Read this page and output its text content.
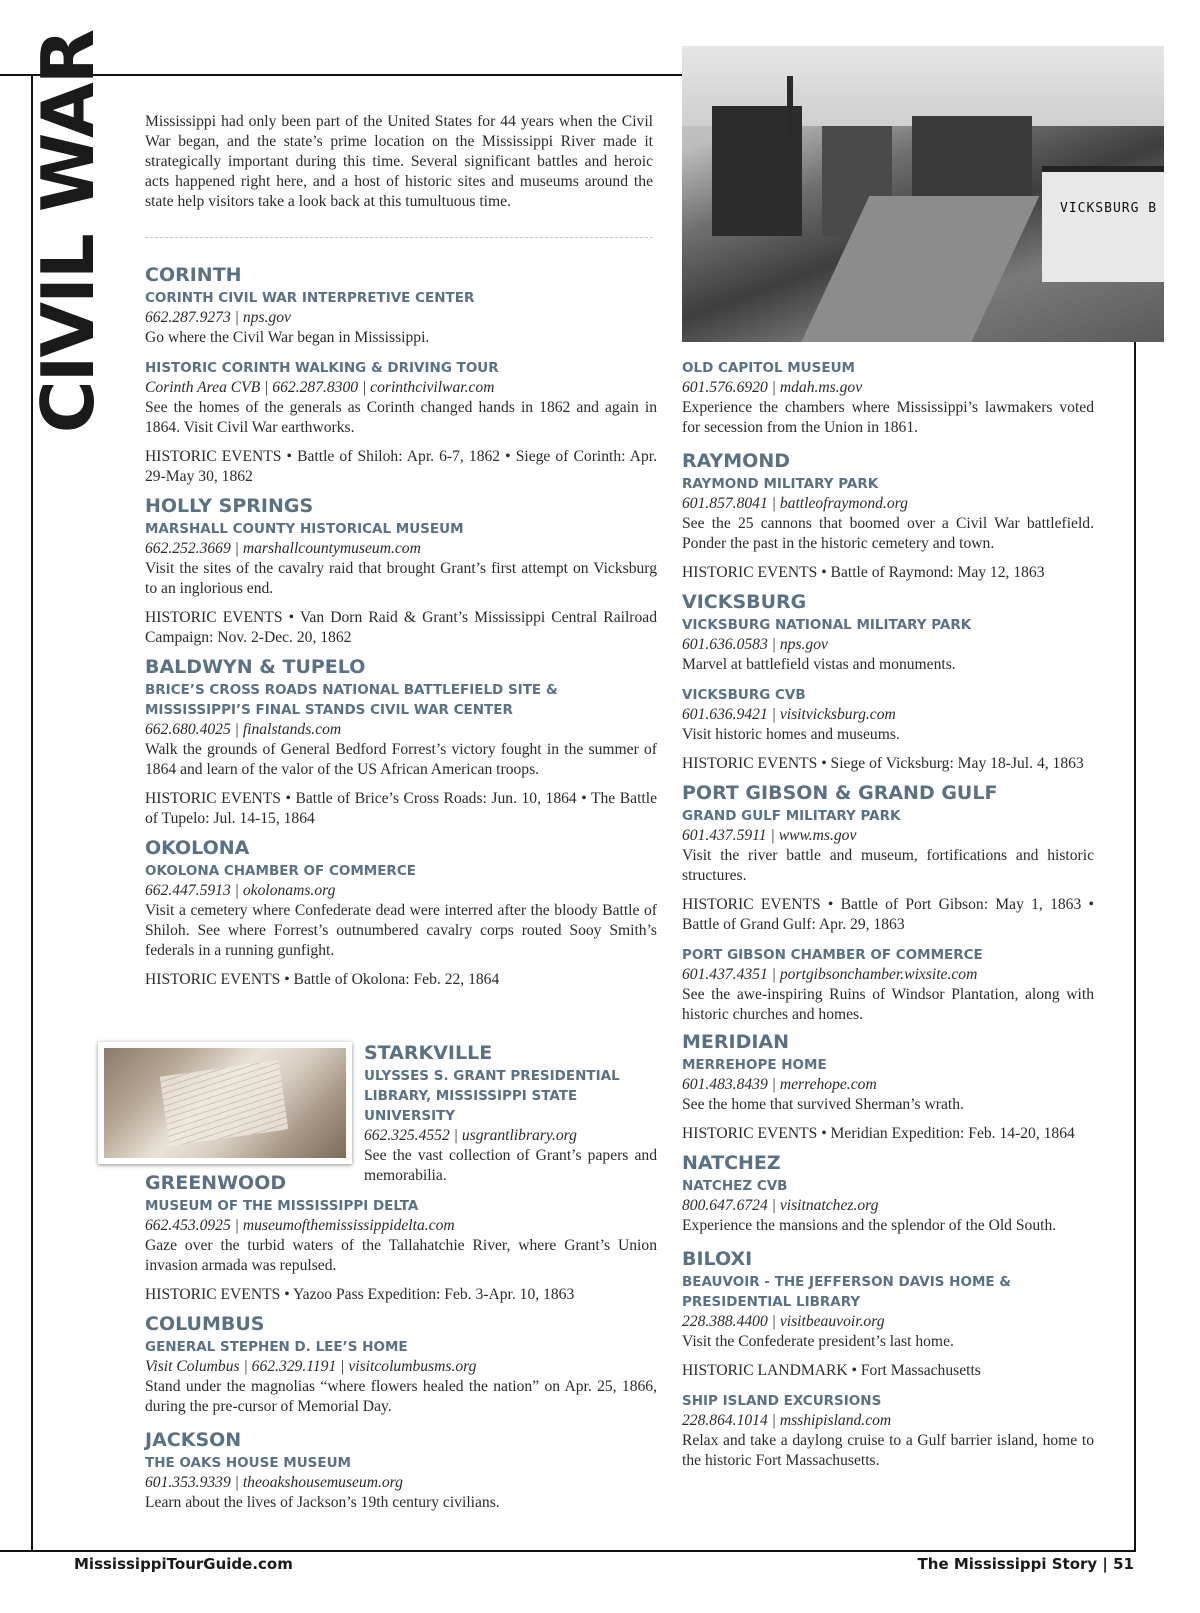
CIVIL WAR	VICKSBURG B
Mississippi had only been part of the United States for 44 years when the Civil War began, and the state’s prime location on the Mississippi River made it strategically important during this time. Several significant battles and heroic acts happened right here, and a host of historic sites and museums around the state help visitors take a look back at this tumultuous time.
CORINTH
CORINTH CIVIL WAR INTERPRETIVE CENTER
662.287.9273 | nps.gov
Go where the Civil War began in Mississippi.
HISTORIC CORINTH WALKING & DRIVING TOUR
Corinth Area CVB | 662.287.8300 | corinthcivilwar.com
See the homes of the generals as Corinth changed hands in 1862 and again in 1864. Visit Civil War earthworks.
HISTORIC EVENTS • Battle of Shiloh: Apr. 6-7, 1862 • Siege of Corinth: Apr. 29-May 30, 1862
HOLLY SPRINGS
MARSHALL COUNTY HISTORICAL MUSEUM
662.252.3669 | marshallcountymuseum.com
Visit the sites of the cavalry raid that brought Grant’s first attempt on Vicksburg to an inglorious end.
HISTORIC EVENTS • Van Dorn Raid & Grant’s Mississippi Central Railroad Campaign: Nov. 2-Dec. 20, 1862
BALDWYN & TUPELO
BRICE’S CROSS ROADS NATIONAL BATTLEFIELD SITE & MISSISSIPPI’S FINAL STANDS CIVIL WAR CENTER
662.680.4025 | finalstands.com
Walk the grounds of General Bedford Forrest’s victory fought in the summer of 1864 and learn of the valor of the US African American troops.
HISTORIC EVENTS • Battle of Brice’s Cross Roads: Jun. 10, 1864 • The Battle of Tupelo: Jul. 14-15, 1864
OKOLONA
OKOLONA CHAMBER OF COMMERCE
662.447.5913 | okolonams.org
Visit a cemetery where Confederate dead were interred after the bloody Battle of Shiloh. See where Forrest’s outnumbered cavalry corps routed Sooy Smith’s federals in a running gunfight.
HISTORIC EVENTS • Battle of Okolona: Feb. 22, 1864
STARKVILLE
ULYSSES S. GRANT PRESIDENTIAL LIBRARY, MISSISSIPPI STATE UNIVERSITY
662.325.4552 | usgrantlibrary.org
See the vast collection of Grant’s papers and memorabilia.
GREENWOOD
MUSEUM OF THE MISSISSIPPI DELTA
662.453.0925 | museumofthemississippidelta.com
Gaze over the turbid waters of the Tallahatchie River, where Grant’s Union invasion armada was repulsed.
HISTORIC EVENTS • Yazoo Pass Expedition: Feb. 3-Apr. 10, 1863
COLUMBUS
GENERAL STEPHEN D. LEE’S HOME
Visit Columbus | 662.329.1191 | visitcolumbusms.org
Stand under the magnolias “where flowers healed the nation” on Apr. 25, 1866, during the pre-cursor of Memorial Day.
JACKSON
THE OAKS HOUSE MUSEUM
601.353.9339 | theoakshousemuseum.org
Learn about the lives of Jackson’s 19th century civilians.
OLD CAPITOL MUSEUM
601.576.6920 | mdah.ms.gov
Experience the chambers where Mississippi’s lawmakers voted for secession from the Union in 1861.
RAYMOND
RAYMOND MILITARY PARK
601.857.8041 | battleofraymond.org
See the 25 cannons that boomed over a Civil War battlefield. Ponder the past in the historic cemetery and town.
HISTORIC EVENTS • Battle of Raymond: May 12, 1863
VICKSBURG
VICKSBURG NATIONAL MILITARY PARK
601.636.0583 | nps.gov
Marvel at battlefield vistas and monuments.
VICKSBURG CVB
601.636.9421 | visitvicksburg.com
Visit historic homes and museums.
HISTORIC EVENTS • Siege of Vicksburg: May 18-Jul. 4, 1863
PORT GIBSON & GRAND GULF
GRAND GULF MILITARY PARK
601.437.5911 | www.ms.gov
Visit the river battle and museum, fortifications and historic structures.
HISTORIC EVENTS • Battle of Port Gibson: May 1, 1863 • Battle of Grand Gulf: Apr. 29, 1863
PORT GIBSON CHAMBER OF COMMERCE
601.437.4351 | portgibsonchamber.wixsite.com
See the awe-inspiring Ruins of Windsor Plantation, along with historic churches and homes.
MERIDIAN
MERREHOPE HOME
601.483.8439 | merrehope.com
See the home that survived Sherman’s wrath.
HISTORIC EVENTS • Meridian Expedition: Feb. 14-20, 1864
NATCHEZ
NATCHEZ CVB
800.647.6724 | visitnatchez.org
Experience the mansions and the splendor of the Old South.
BILOXI
BEAUVOIR - THE JEFFERSON DAVIS HOME & PRESIDENTIAL LIBRARY
228.388.4400 | visitbeauvoir.org
Visit the Confederate president’s last home.
HISTORIC LANDMARK • Fort Massachusetts
SHIP ISLAND EXCURSIONS
228.864.1014 | msshipisland.com
Relax and take a daylong cruise to a Gulf barrier island, home to the historic Fort Massachusetts.
MississippiTourGuide.com	The Mississippi Story | 51
